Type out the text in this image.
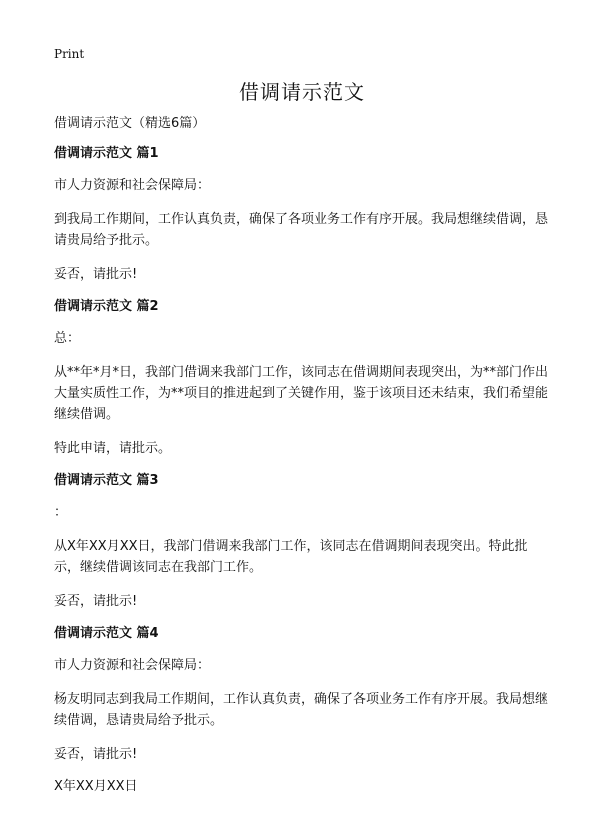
Print
借调请示范文
借调请示范文（精选6篇）
借调请示范文 篇1

市人力资源和社会保障局：

到我局工作期间，工作认真负责，确保了各项业务工作有序开展。我局想继续借调，恳请贵局给予批示。

妥否，请批示!

借调请示范文 篇2

总：

从**年*月*日，我部门借调来我部门工作，该同志在借调期间表现突出，为**部门作出大量实质性工作，为**项目的推进起到了关键作用，鉴于该项目还未结束，我们希望能继续借调。

特此申请，请批示。

借调请示范文 篇3

：

从X年XX月XX日，我部门借调来我部门工作，该同志在借调期间表现突出。特此批示，继续借调该同志在我部门工作。

妥否，请批示!

借调请示范文 篇4

市人力资源和社会保障局：

杨友明同志到我局工作期间，工作认真负责，确保了各项业务工作有序开展。我局想继续借调，恳请贵局给予批示。

妥否，请批示!

X年XX月XX日
